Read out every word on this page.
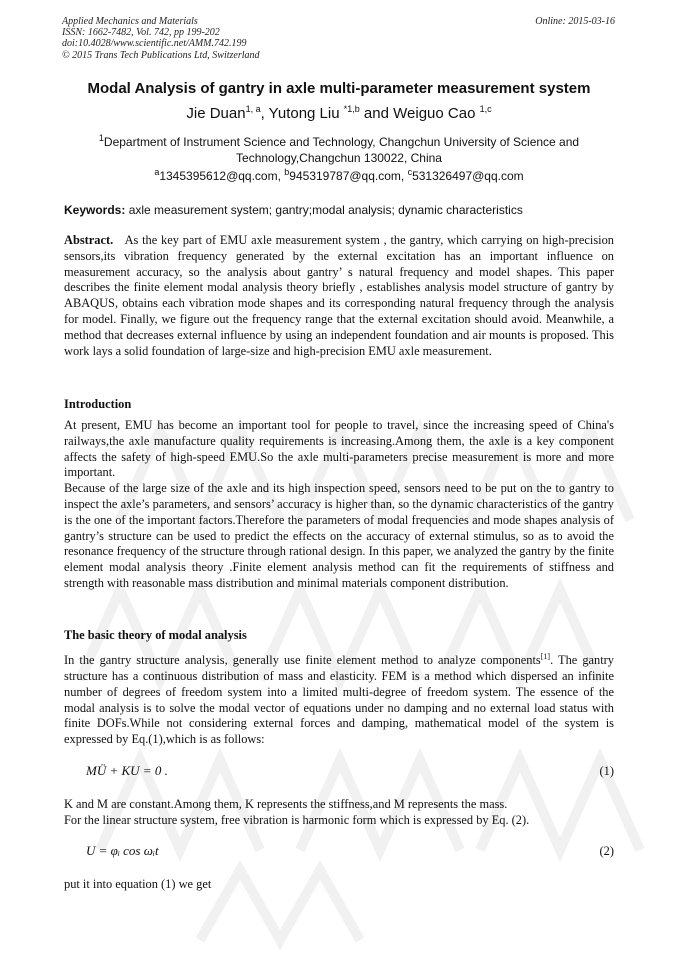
Applied Mechanics and Materials
ISSN: 1662-7482, Vol. 742, pp 199-202
doi:10.4028/www.scientific.net/AMM.742.199
© 2015 Trans Tech Publications Ltd, Switzerland
Online: 2015-03-16
Modal Analysis of gantry in axle multi-parameter measurement system
Jie Duan$^{1, a}$, Yutong Liu $^{*1,b}$ and Weiguo Cao $^{1,c}$
$^1$Department of Instrument Science and Technology, Changchun University of Science and Technology,Changchun 130022, China
$^a$1345395612@qq.com, $^b$945319787@qq.com, $^c$531326497@qq.com
Keywords: axle measurement system; gantry;modal analysis; dynamic characteristics

Abstract. As the key part of EMU axle measurement system , the gantry, which carrying on high-precision sensors,its vibration frequency generated by the external excitation has an important influence on measurement accuracy, so the analysis about gantry’ s natural frequency and model shapes. This paper describes the finite element modal analysis theory briefly , establishes analysis model structure of gantry by ABAQUS, obtains each vibration mode shapes and its corresponding natural frequency through the analysis for model. Finally, we figure out the frequency range that the external excitation should avoid. Meanwhile, a method that decreases external influence by using an independent foundation and air mounts is proposed. This work lays a solid foundation of large-size and high-precision EMU axle measurement.

Introduction

At present, EMU has become an important tool for people to travel, since the increasing speed of China's railways,the axle manufacture quality requirements is increasing.Among them, the axle is a key component affects the safety of high-speed EMU.So the axle multi-parameters precise measurement is more and more important.

Because of the large size of the axle and its high inspection speed, sensors need to be put on the to gantry to inspect the axle’s parameters, and sensors’ accuracy is higher than, so the dynamic characteristics of the gantry is the one of the important factors.Therefore the parameters of modal frequencies and mode shapes analysis of gantry’s structure can be used to predict the effects on the accuracy of external stimulus, so as to avoid the resonance frequency of the structure through rational design. In this paper, we analyzed the gantry by the finite element modal analysis theory .Finite element analysis method can fit the requirements of stiffness and strength with reasonable mass distribution and minimal materials component distribution.

The basic theory of modal analysis

In the gantry structure analysis, generally use finite element method to analyze components[1]. The gantry structure has a continuous distribution of mass and elasticity. FEM is a method which dispersed an infinite number of degrees of freedom system into a limited multi-degree of freedom system. The essence of the modal analysis is to solve the modal vector of equations under no damping and no external load status with finite DOFs.While not considering external forces and damping, mathematical model of the system is expressed by Eq.(1),which is as follows:

MÜ + KU = 0 .	(1)

K and M are constant.Among them, K represents the stiffness,and M represents the mass.

For the linear structure system, free vibration is harmonic form which is expressed by Eq. (2).

U = φᵢ cos ωᵢt	(2)

put it into equation (1) we get
